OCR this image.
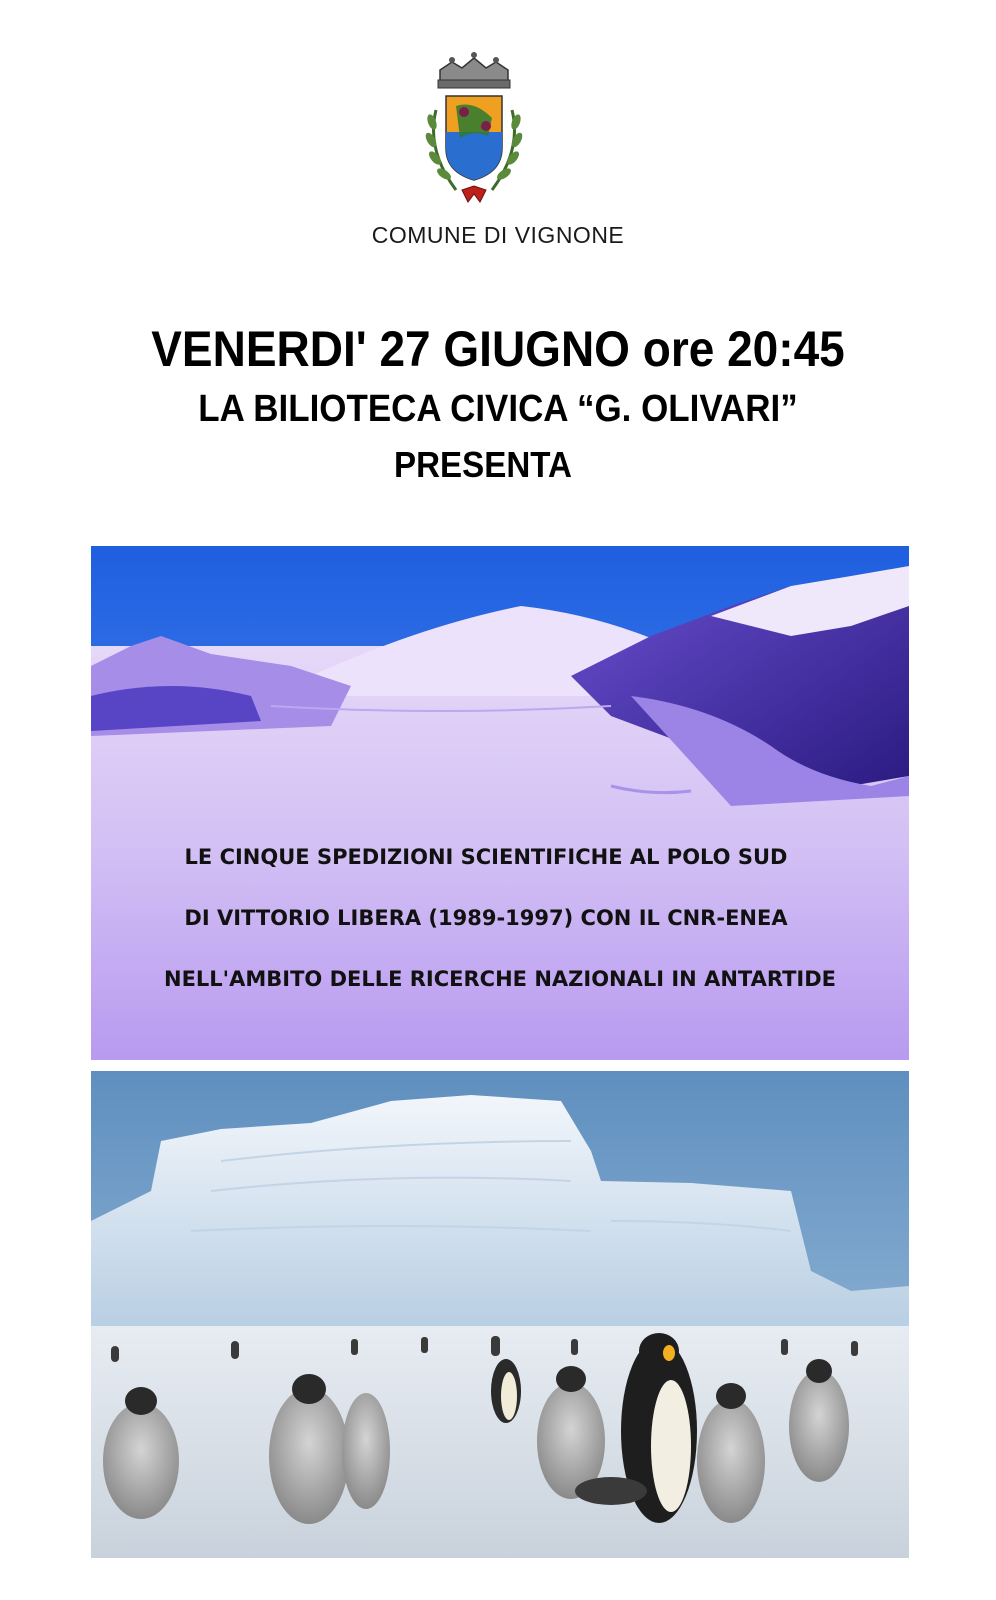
COMUNE DI VIGNONE
VENERDI' 27 GIUGNO ore 20:45
LA BILIOTECA CIVICA “G. OLIVARI”
PRESENTA
LE CINQUE SPEDIZIONI SCIENTIFICHE AL POLO SUD
DI VITTORIO LIBERA (1989-1997) CON IL CNR-ENEA
NELL'AMBITO DELLE RICERCHE NAZIONALI IN ANTARTIDE
